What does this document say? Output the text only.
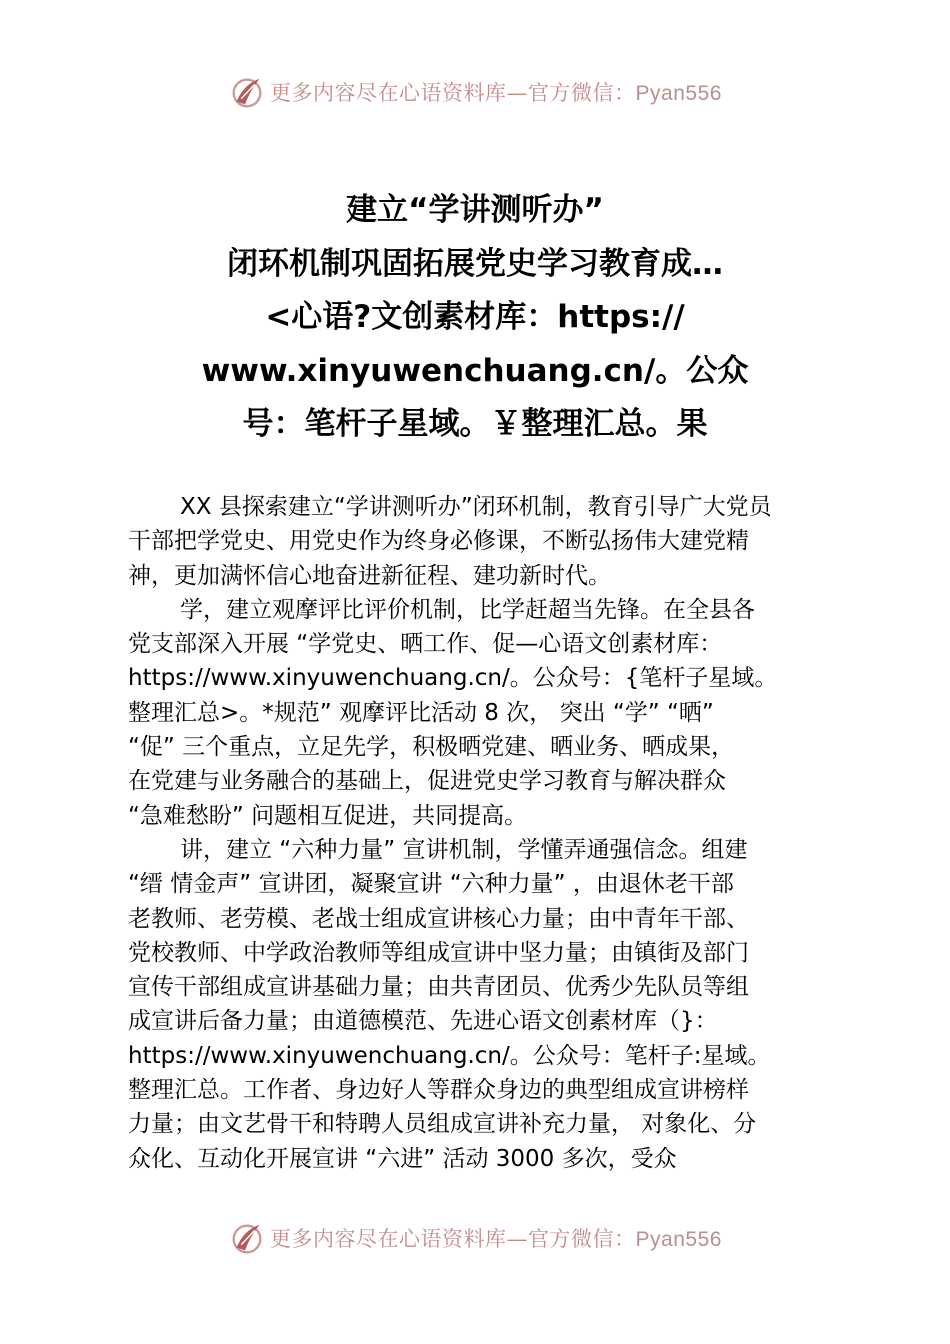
更多内容尽在心语资料库—官方微信：Pyan556
建立“学讲测听办”
闭环机制巩固拓展党史学习教育成…
<心语?文创素材库：https://
www.xinyuwenchuang.cn/。公众
号：笔杆子星域。￥整理汇总。果
XX 县探索建立“学讲测听办”闭环机制，教育引导广大党员
干部把学党史、用党史作为终身必修课，不断弘扬伟大建党精
神，更加满怀信心地奋进新征程、建功新时代。
学，建立观摩评比评价机制，比学赶超当先锋。在全县各
党支部深入开展 “学党史、晒工作、促—心语文创素材库：
https://www.xinyuwenchuang.cn/。公众号：{笔杆子星域。
整理汇总>。*规范” 观摩评比活动 8 次， 突出 “学” “晒”
“促” 三个重点，立足先学，积极晒党建、晒业务、晒成果，
在党建与业务融合的基础上，促进党史学习教育与解决群众
“急难愁盼” 问题相互促进，共同提高。
讲，建立 “六种力量” 宣讲机制，学懂弄通强信念。组建
“缙 情金声” 宣讲团，凝聚宣讲 “六种力量” ，由退休老干部
老教师、老劳模、老战士组成宣讲核心力量；由中青年干部、
党校教师、中学政治教师等组成宣讲中坚力量；由镇街及部门
宣传干部组成宣讲基础力量；由共青团员、优秀少先队员等组
成宣讲后备力量；由道德模范、先进心语文创素材库（}：
https://www.xinyuwenchuang.cn/。公众号：笔杆子:星域。
整理汇总。工作者、身边好人等群众身边的典型组成宣讲榜样
力量；由文艺骨干和特聘人员组成宣讲补充力量， 对象化、分
众化、互动化开展宣讲 “六进” 活动 3000 多次，受众
更多内容尽在心语资料库—官方微信：Pyan556
